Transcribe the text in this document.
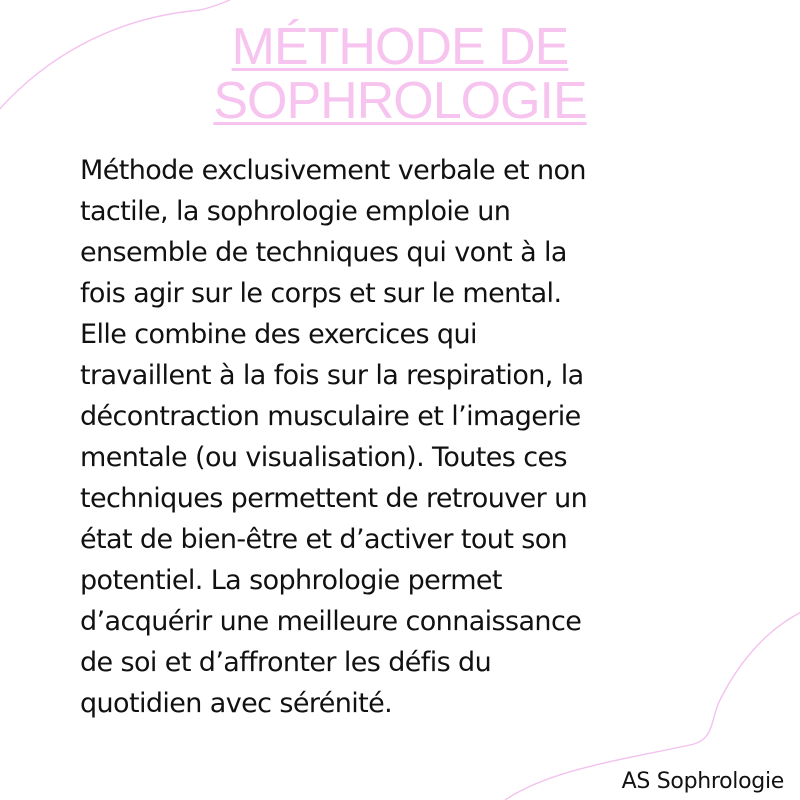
MÉTHODE DE
SOPHROLOGIE

Méthode exclusivement verbale et non
tactile, la sophrologie emploie un
ensemble de techniques qui vont à la
fois agir sur le corps et sur le mental.
Elle combine des exercices qui
travaillent à la fois sur la respiration, la
décontraction musculaire et l’imagerie
mentale (ou visualisation). Toutes ces
techniques permettent de retrouver un
état de bien-être et d’activer tout son
potentiel. La sophrologie permet
d’acquérir une meilleure connaissance
de soi et d’affronter les défis du
quotidien avec sérénité.

AS Sophrologie
